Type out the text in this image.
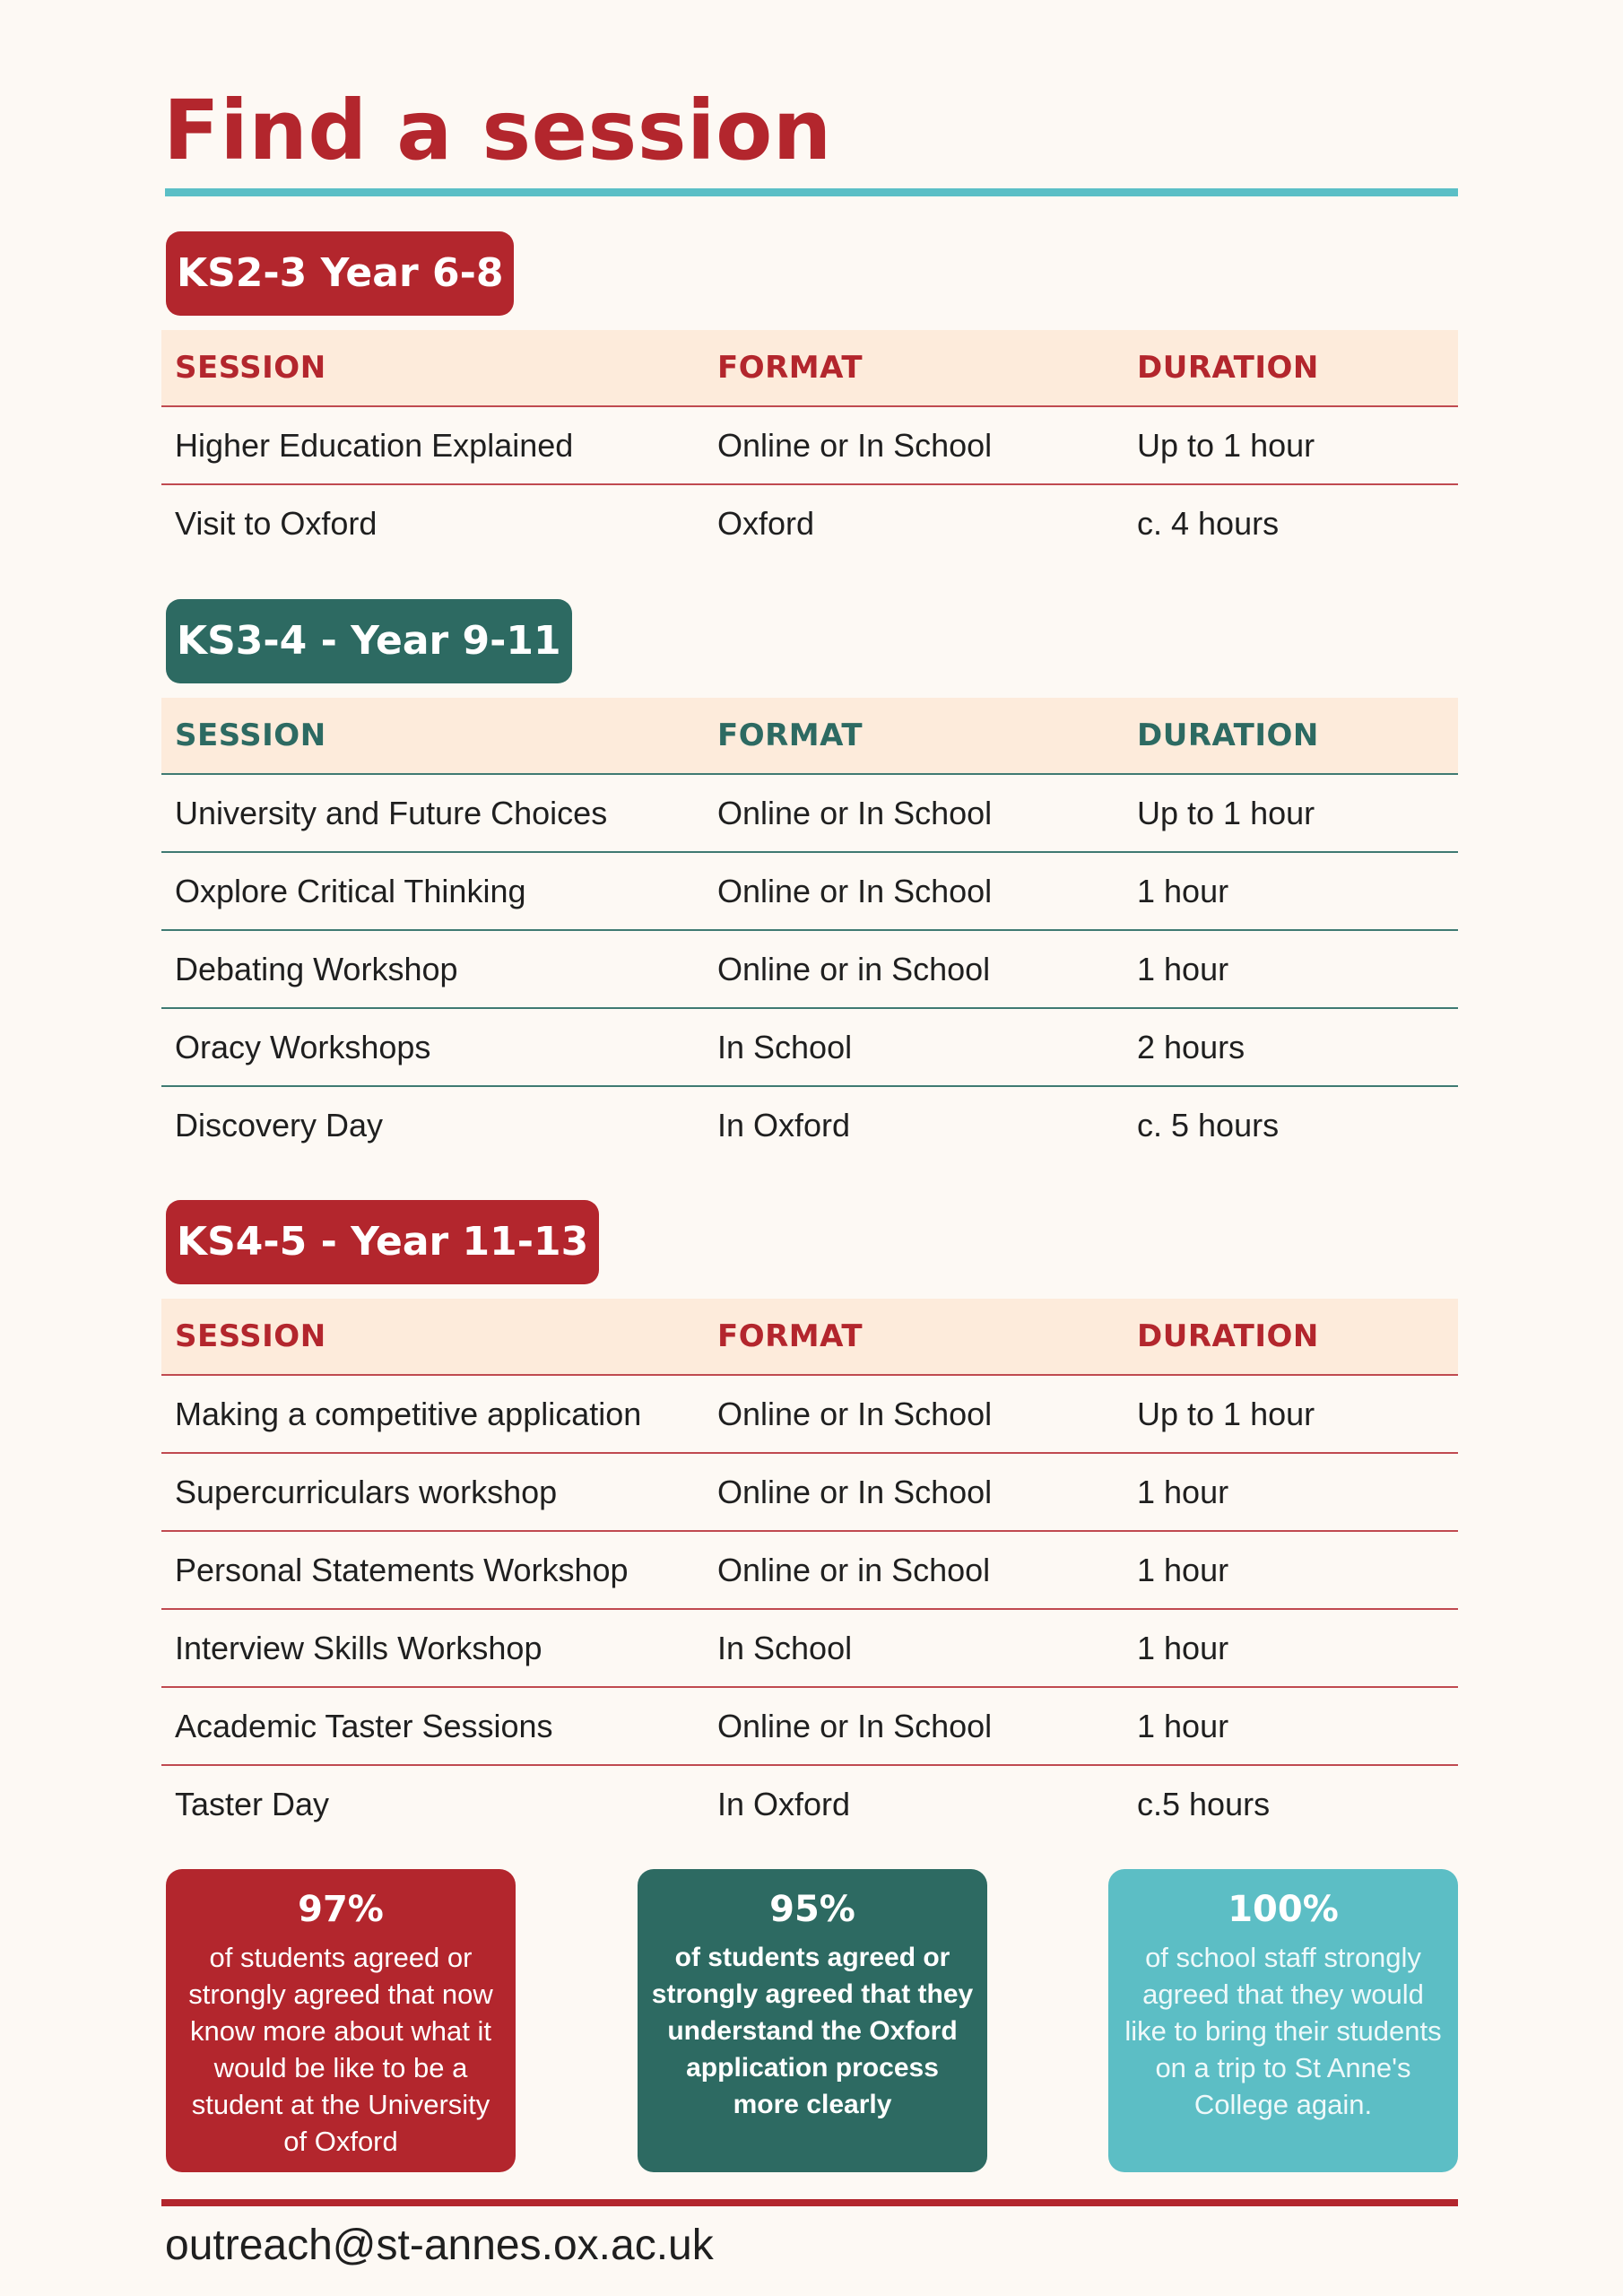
Find a session
KS2-3 Year 6-8
SESSION	FORMAT	DURATION
Higher Education Explained	Online or In School	Up to 1 hour
Visit to Oxford	Oxford	c. 4 hours
KS3-4 - Year 9-11
SESSION	FORMAT	DURATION
University and Future Choices	Online or In School	Up to 1 hour
Oxplore Critical Thinking	Online or In School	1 hour
Debating Workshop	Online or in School	1 hour
Oracy Workshops	In School	2 hours
Discovery Day	In Oxford	c. 5 hours
KS4-5 - Year 11-13
SESSION	FORMAT	DURATION
Making a competitive application	Online or In School	Up to 1 hour
Supercurriculars workshop	Online or In School	1 hour
Personal Statements Workshop	Online or in School	1 hour
Interview Skills Workshop	In School	1 hour
Academic Taster Sessions	Online or In School	1 hour
Taster Day	In Oxford	c.5 hours
97%
of students agreed or strongly agreed that now know more about what it would be like to be a student at the University of Oxford
95%
of students agreed or strongly agreed that they understand the Oxford application process more clearly
100%
of school staff strongly agreed that they would like to bring their students on a trip to St Anne's College again.
outreach@st-annes.ox.ac.uk
